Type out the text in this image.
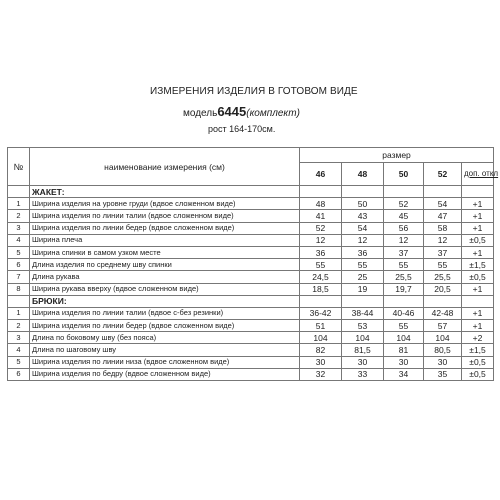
ИЗМЕРЕНИЯ ИЗДЕЛИЯ В ГОТОВОМ ВИДЕ
модель6445(комплект)
рост 164-170см.
№	наименование измерения (см)	размер				
		46	48	50	52	доп. откл
	ЖАКЕТ:					
1	Ширина изделия на уровне груди (вдвое сложенном виде)	48	50	52	54	+1
2	Ширина изделия по линии талии (вдвое сложенном виде)	41	43	45	47	+1
3	Ширина изделия по линии бедер (вдвое сложенном виде)	52	54	56	58	+1
4	Ширина плеча	12	12	12	12	±0,5
5	Ширина спинки в самом узком месте	36	36	37	37	+1
6	Длина изделия по среднему шву спинки	55	55	55	55	±1,5
7	Длина рукава	24,5	25	25,5	25,5	±0,5
8	Ширина рукава вверху (вдвое сложенном виде)	18,5	19	19,7	20,5	+1
	БРЮКИ:					
1	Ширина изделия по линии талии (вдвое с-без резинки)	36-42	38-44	40-46	42-48	+1
2	Ширина изделия по линии бедер (вдвое сложенном виде)	51	53	55	57	+1
3	Длина по боковому шву (без пояса)	104	104	104	104	+2
4	Длина по шаговому шву	82	81,5	81	80,5	±1,5
5	Ширина изделия по линии низа (вдвое сложенном виде)	30	30	30	30	±0,5
6	Ширина изделия по бедру (вдвое сложенном виде)	32	33	34	35	±0,5
